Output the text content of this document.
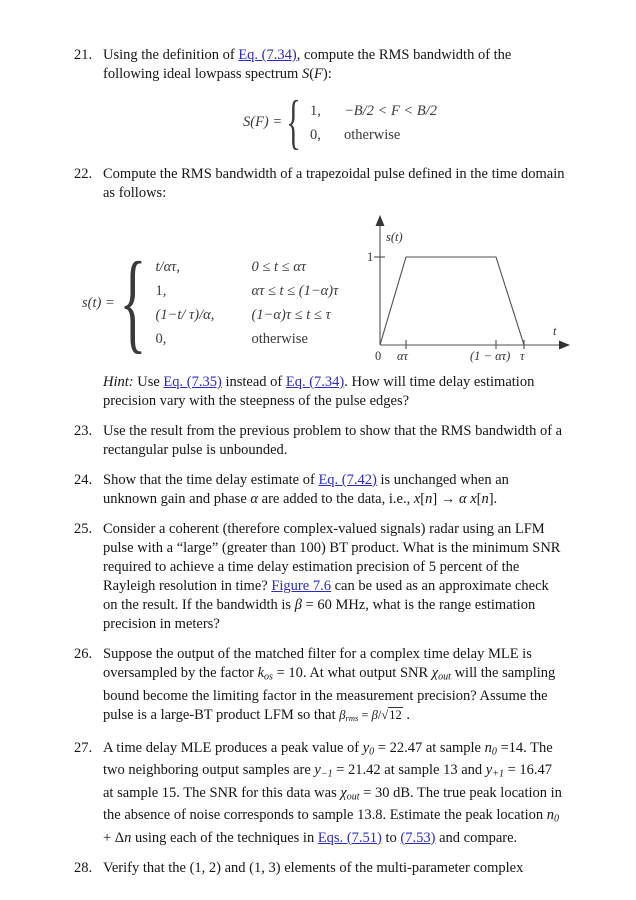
21. Using the definition of Eq. (7.34), compute the RMS bandwidth of the following ideal lowpass spectrum S(F):
S(F) = { 1,	−B/2 < F < B/2
0,	otherwise
22. Compute the RMS bandwidth of a trapezoidal pulse defined in the time domain as follows:
s(t) = { t/ατ,	0 ≤ t ≤ ατ
1,	ατ ≤ t ≤ (1−α)τ
(1−t/ τ)/α,	(1−α)τ ≤ t ≤ τ
0,	otherwise
s(t)
1
t
0 ατ	(1 − ατ) τ
Hint: Use Eq. (7.35) instead of Eq. (7.34). How will time delay estimation precision vary with the steepness of the pulse edges?
23. Use the result from the previous problem to show that the RMS bandwidth of a rectangular pulse is unbounded.
24. Show that the time delay estimate of Eq. (7.42) is unchanged when an unknown gain and phase α are added to the data, i.e., x[n] → α x[n].
25. Consider a coherent (therefore complex-valued signals) radar using an LFM pulse with a “large” (greater than 100) BT product. What is the minimum SNR required to achieve a time delay estimation precision of 5 percent of the Rayleigh resolution in time? Figure 7.6 can be used as an approximate check on the result. If the bandwidth is β = 60 MHz, what is the range estimation precision in meters?
26. Suppose the output of the matched filter for a complex time delay MLE is oversampled by the factor kos = 10. At what output SNR χout will the sampling bound become the limiting factor in the measurement precision? Assume the pulse is a large-BT product LFM so that βrms = β/√12 .
27. A time delay MLE produces a peak value of y0 = 22.47 at sample n0 =14. The two neighboring output samples are y−1 = 21.42 at sample 13 and y+1 = 16.47 at sample 15. The SNR for this data was χout = 30 dB. The true peak location in the absence of noise corresponds to sample 13.8. Estimate the peak location n0 + Δn using each of the techniques in Eqs. (7.51) to (7.53) and compare.
28. Verify that the (1, 2) and (1, 3) elements of the multi-parameter complex
